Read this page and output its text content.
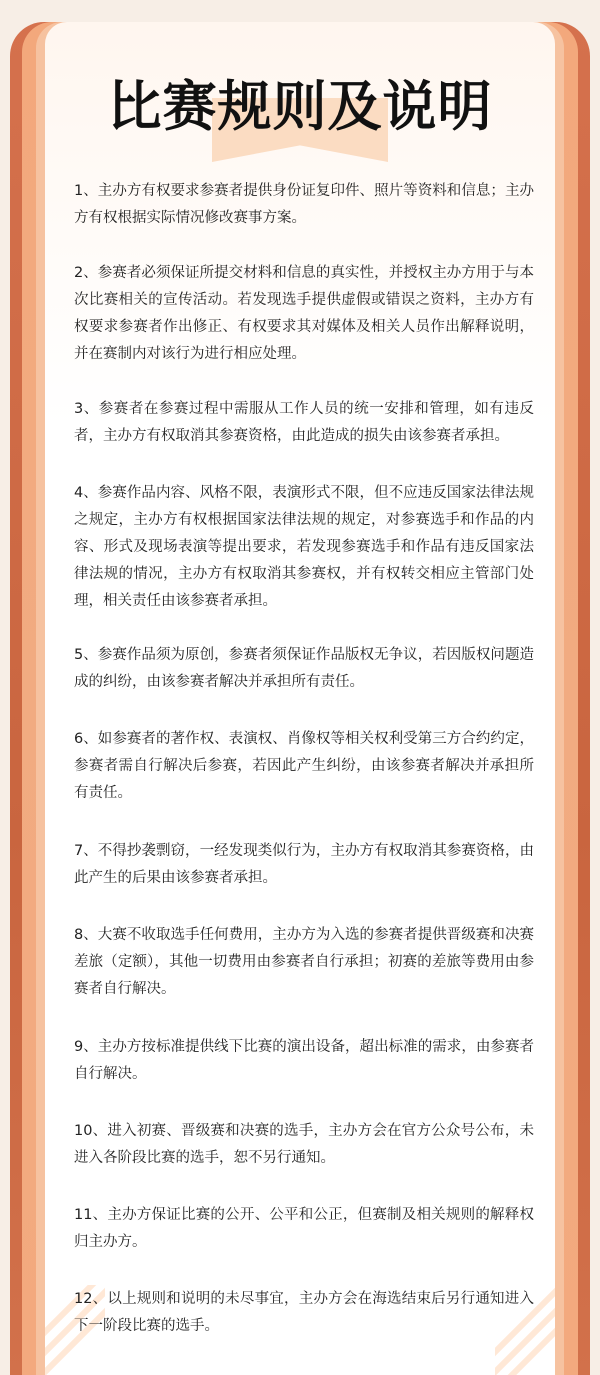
比赛规则及说明

1、主办方有权要求参赛者提供身份证复印件、照片等资料和信息；主办方有权根据实际情况修改赛事方案。

2、参赛者必须保证所提交材料和信息的真实性，并授权主办方用于与本次比赛相关的宣传活动。若发现选手提供虚假或错误之资料，主办方有权要求参赛者作出修正、有权要求其对媒体及相关人员作出解释说明，并在赛制内对该行为进行相应处理。

3、参赛者在参赛过程中需服从工作人员的统一安排和管理，如有违反者，主办方有权取消其参赛资格，由此造成的损失由该参赛者承担。

4、参赛作品内容、风格不限，表演形式不限，但不应违反国家法律法规之规定，主办方有权根据国家法律法规的规定，对参赛选手和作品的内容、形式及现场表演等提出要求，若发现参赛选手和作品有违反国家法律法规的情况，主办方有权取消其参赛权，并有权转交相应主管部门处理，相关责任由该参赛者承担。

5、参赛作品须为原创，参赛者须保证作品版权无争议，若因版权问题造成的纠纷，由该参赛者解决并承担所有责任。

6、如参赛者的著作权、表演权、肖像权等相关权利受第三方合约约定，参赛者需自行解决后参赛，若因此产生纠纷，由该参赛者解决并承担所有责任。

7、不得抄袭剽窃，一经发现类似行为，主办方有权取消其参赛资格，由此产生的后果由该参赛者承担。

8、大赛不收取选手任何费用，主办方为入选的参赛者提供晋级赛和决赛差旅（定额），其他一切费用由参赛者自行承担；初赛的差旅等费用由参赛者自行解决。

9、主办方按标准提供线下比赛的演出设备，超出标准的需求，由参赛者自行解决。

10、进入初赛、晋级赛和决赛的选手，主办方会在官方公众号公布，未进入各阶段比赛的选手，恕不另行通知。

11、主办方保证比赛的公开、公平和公正，但赛制及相关规则的解释权归主办方。

12、以上规则和说明的未尽事宜，主办方会在海选结束后另行通知进入下一阶段比赛的选手。
